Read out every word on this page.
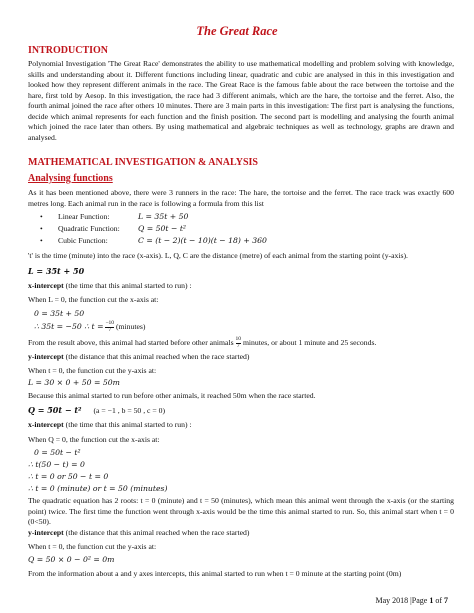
The Great Race
INTRODUCTION
Polynomial Investigation 'The Great Race' demonstrates the ability to use mathematical modelling and problem solving with knowledge, skills and understanding about it. Different functions including linear, quadratic and cubic are analysed in this in this investigation and looked how they represent different animals in the race. The Great Race is the famous fable about the race between the tortoise and the hare, first told by Aesop. In this investigation, the race had 3 different animals, which are the hare, the tortoise and the ferret. Also, the fourth animal joined the race after others 10 minutes. There are 3 main parts in this investigation: The first part is analysing the functions, decide which animal represents for each function and the finish position. The second part is modelling and analysing the fourth animal which joined the race later than others. By using mathematical and algebraic techniques as well as technology, graphs are drawn and analysed.
MATHEMATICAL INVESTIGATION & ANALYSIS
Analysing functions
As it has been mentioned above, there were 3 runners in the race: The hare, the tortoise and the ferret. The race track was exactly 600 metres long. Each animal run in the race is following a formula from this list
• Linear Function:	L = 35t + 50
• Quadratic Function: Q = 50t − t²
• Cubic Function:	C = (t − 2)(t − 10)(t − 18) + 360
't' is the time (minute) into the race (x-axis). L, Q, C are the distance (metre) of each animal from the starting point (y-axis).
L = 35t + 50
x-intercept (the time that this animal started to run) :
When L = 0, the function cut the x-axis at:
0 = 35t + 50
∴ 35t = −50 ∴ $t = \frac{-10}{7}$ (minutes)
From the result above, this animal had started before other animals $\frac{10}{7}$ minutes, or about 1 minute and 25 seconds.
y-intercept (the distance that this animal reached when the race started)
When t = 0, the function cut the y-axis at:
L = 30 × 0 + 50 = 50m
Because this animal started to run before other animals, it reached 50m when the race started.
Q = 50t − t² (a = −1 , b = 50 , c = 0)
x-intercept (the time that this animal started to run) :
When Q = 0, the function cut the x-axis at:
0 = 50t − t²
∴ t(50 − t) = 0
∴ t = 0 or 50 − t = 0
∴ t = 0 (minute) or t = 50 (minutes)
The quadratic equation has 2 roots: t = 0 (minute) and t = 50 (minutes), which mean this animal went through the x-axis (or the starting point) twice. The first time the function went through x-axis would be the time this animal started to run. So, this animal start when t = 0 (0<50).
y-intercept (the distance that this animal reached when the race started)
When t = 0, the function cut the y-axis at:
Q = 50 × 0 − 0² = 0m
From the information about a and y axes intercepts, this animal started to run when t = 0 minute at the starting point (0m)
May 2018 |Page 1 of 7
